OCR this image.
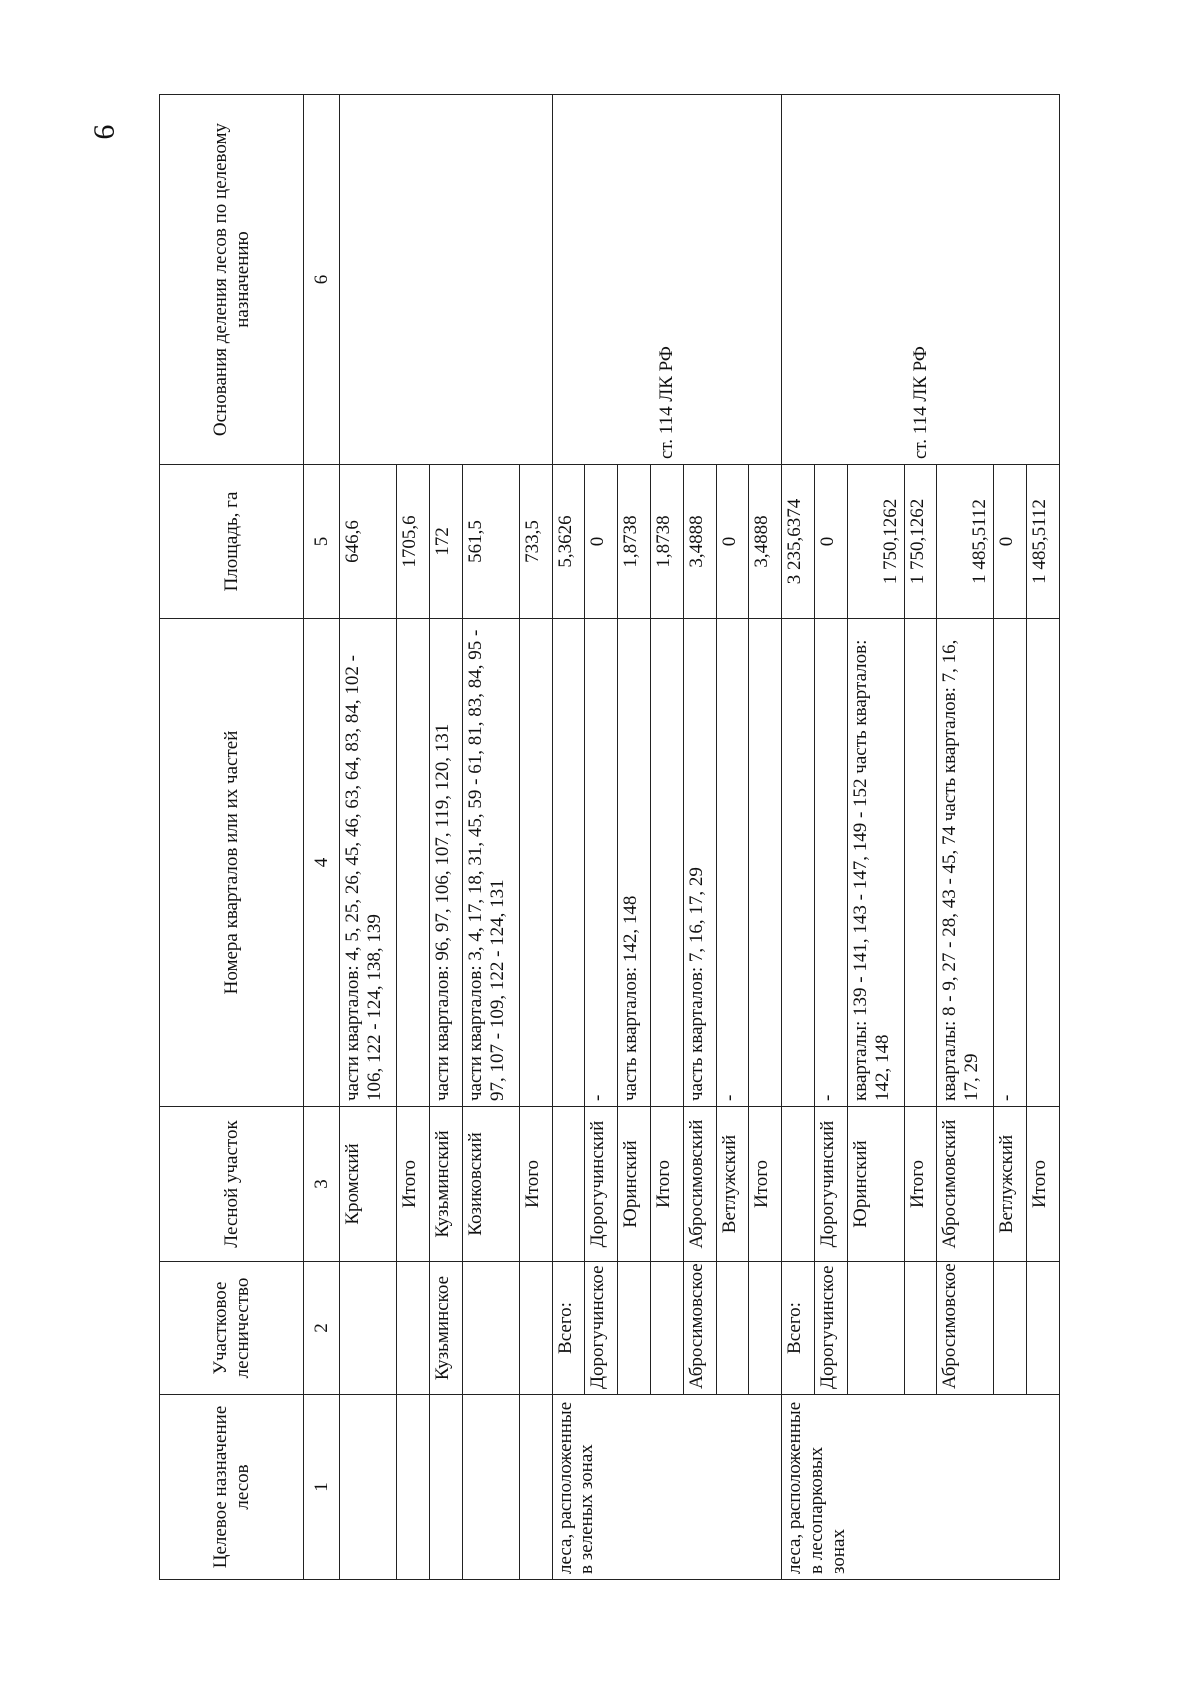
9
Целевое назначение лесов	Участковое лесничество	Лесной участок	Номера кварталов или их частей	Площадь, га	Основания деления лесов по целевому назначению
1	2	3	4	5	6
		Кромский	части кварталов: 4, 5, 25, 26, 45, 46, 63, 64, 83, 84, 102 - 106, 122 - 124, 138, 139	646,6	
		Итого		1705,6	
	Кузьминское	Кузьминский	части кварталов: 96, 97, 106, 107, 119, 120, 131	172	
		Козиковский	части кварталов: 3, 4, 17, 18, 31, 45, 59 - 61, 81, 83, 84, 95 - 97, 107 - 109, 122 - 124, 131	561,5	
		Итого		733,5	
леса, расположенные в зеленых зонах	Всего:			5,3626	ст. 114 ЛК РФ
	Дорогучинское	Дорогучинский	-	0	
		Юринский	часть кварталов: 142, 148	1,8738	
		Итого		1,8738	
	Абросимовское	Абросимовский	часть кварталов: 7, 16, 17, 29	3,4888	
		Ветлужский	-	0	
		Итого		3,4888	
леса, расположенные в лесопарковых зонах	Всего:			3 235,6374	ст. 114 ЛК РФ
	Дорогучинское	Дорогучинский	-	0	
		Юринский	кварталы: 139 - 141, 143 - 147, 149 - 152 часть кварталов: 142, 148	1 750,1262	
		Итого		1 750,1262	
	Абросимовское	Абросимовский	кварталы: 8 - 9, 27 - 28, 43 - 45, 74 часть кварталов: 7, 16, 17, 29	1 485,5112	
		Ветлужский	-	0	
		Итого		1 485,5112	
